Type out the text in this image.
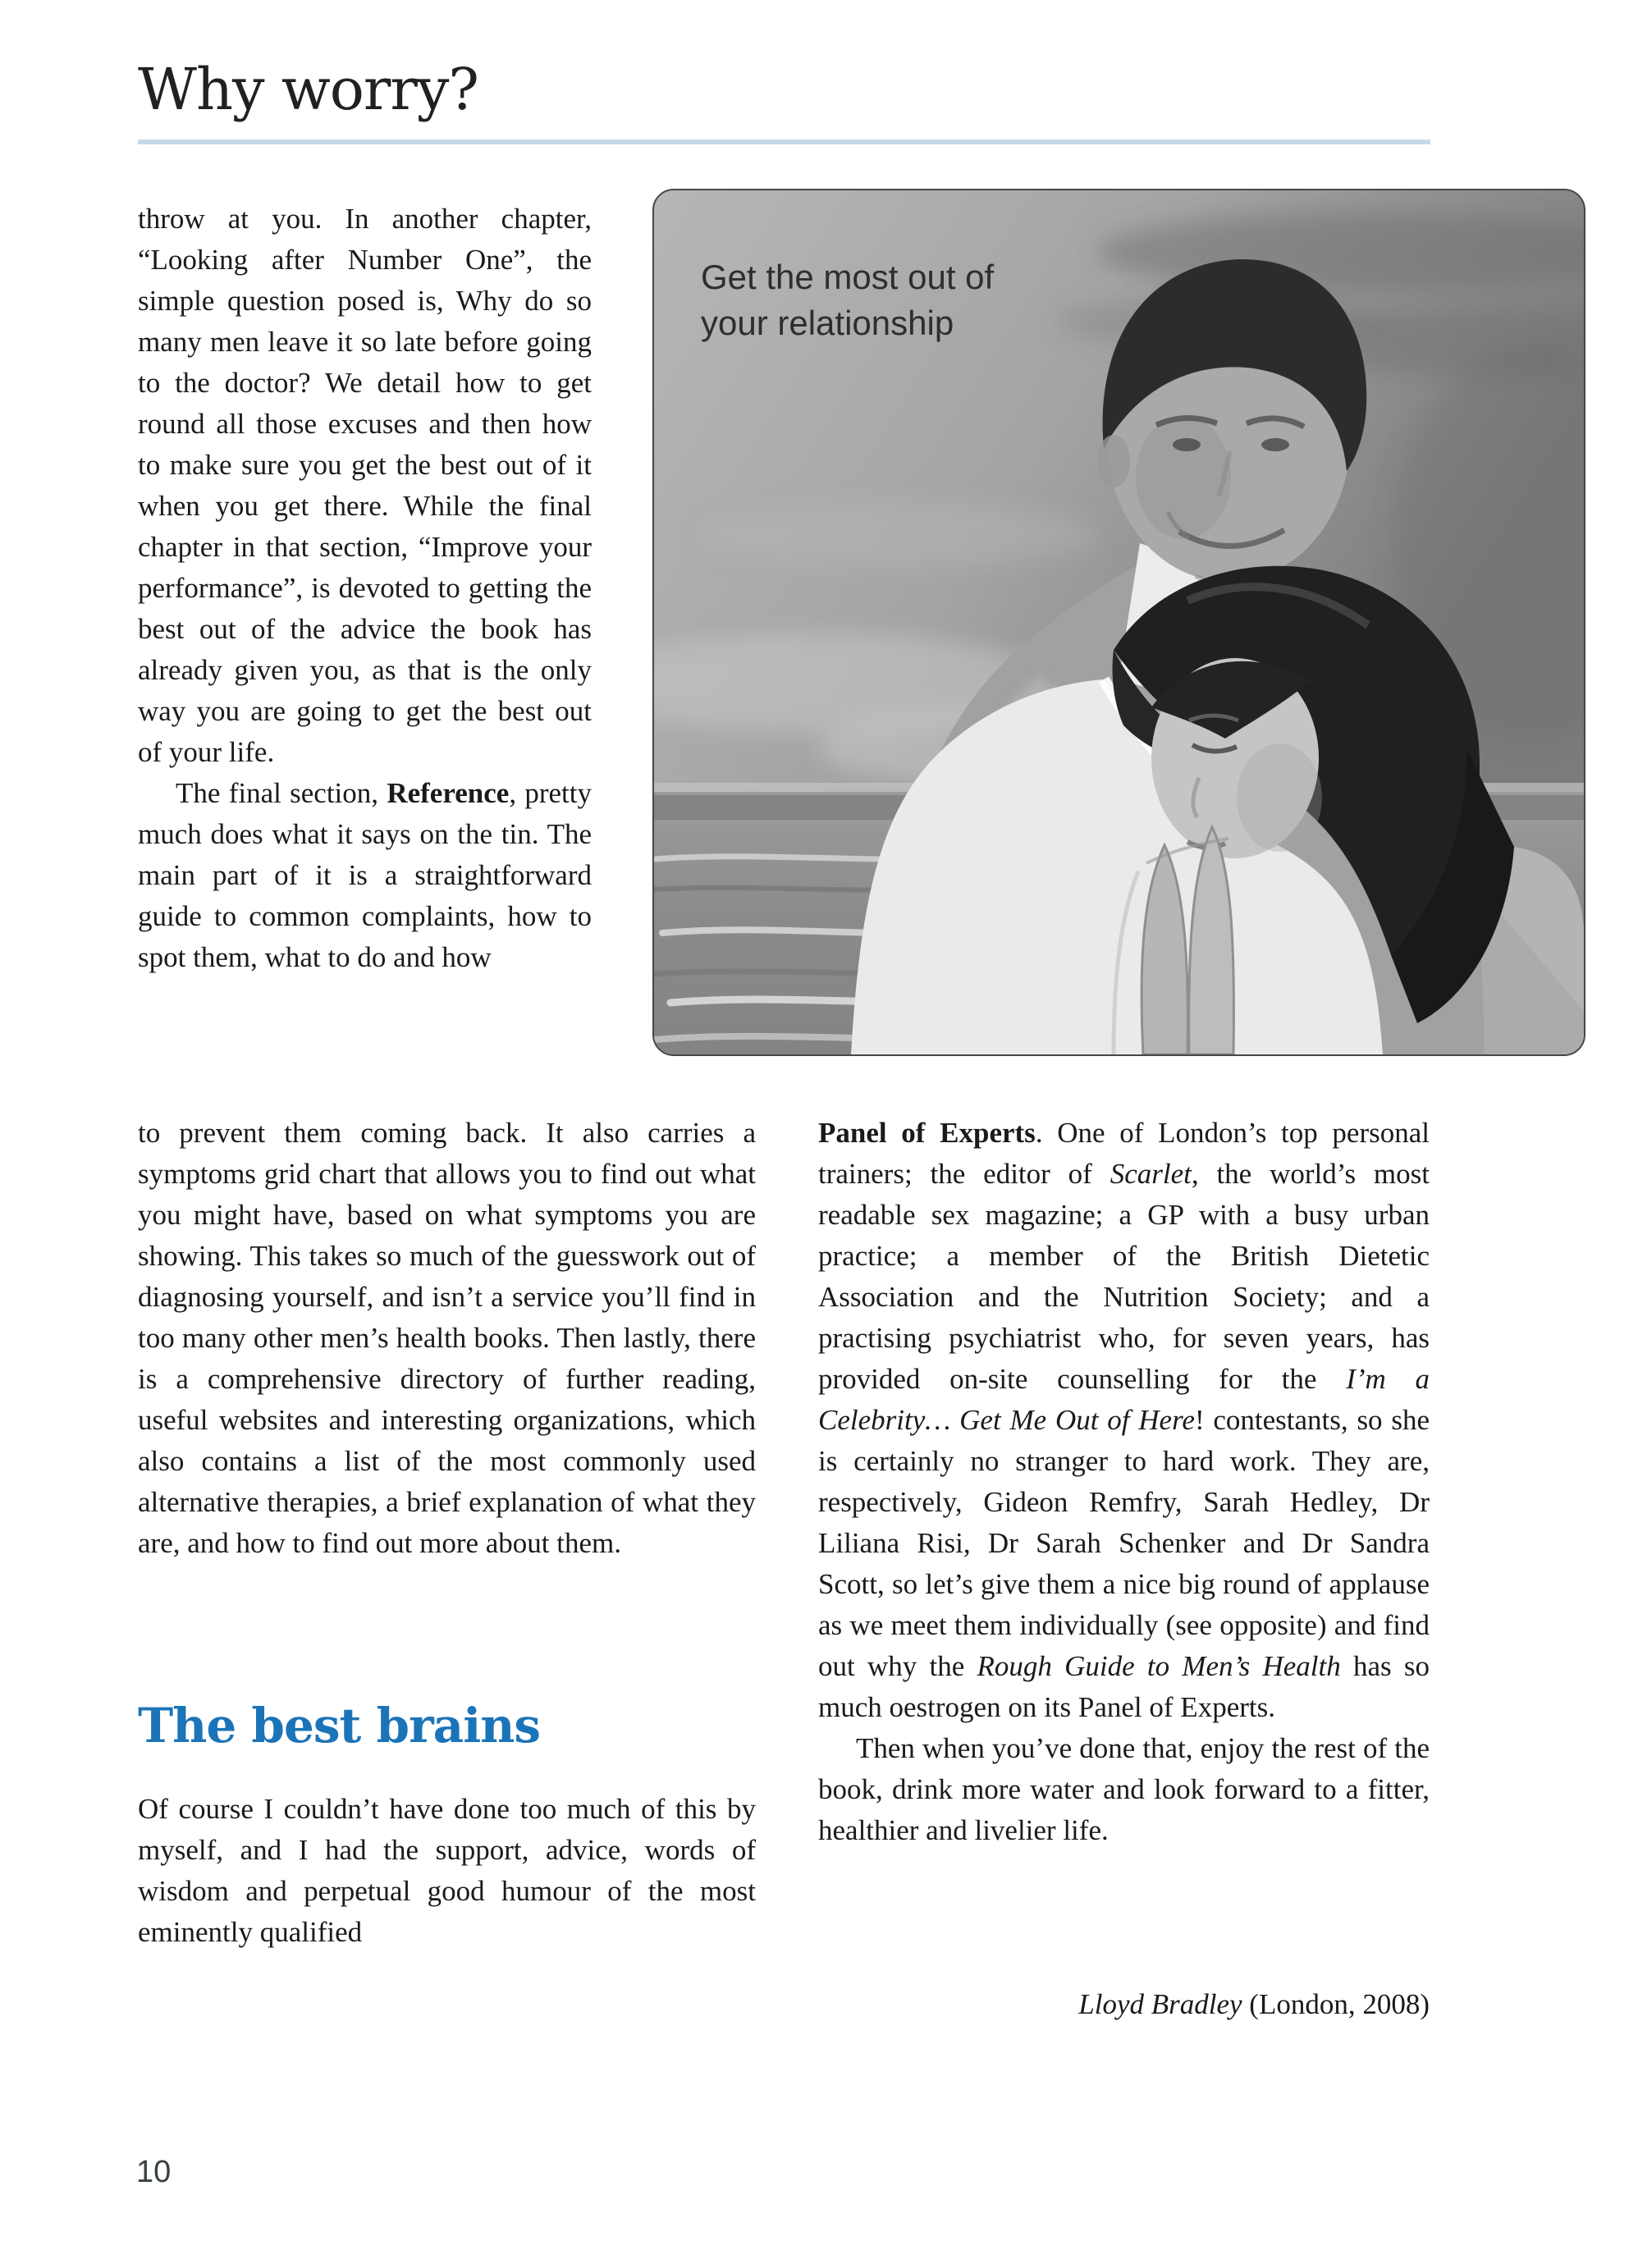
Why worry?

throw at you. In another chapter, “Looking after Number One”, the simple question posed is, Why do so many men leave it so late before going to the doctor? We detail how to get round all those excuses and then how to make sure you get the best out of it when you get there. While the final chapter in that section, “Improve your performance”, is devoted to getting the best out of the advice the book has already given you, as that is the only way you are going to get the best out of your life.

The final section, Reference, pretty much does what it says on the tin. The main part of it is a straightforward guide to common complaints, how to spot them, what to do and how

Get the most out of
your relationship

to prevent them coming back. It also carries a symptoms grid chart that allows you to find out what you might have, based on what symptoms you are showing. This takes so much of the guesswork out of diagnosing yourself, and isn’t a service you’ll find in too many other men’s health books. Then lastly, there is a comprehensive directory of further reading, useful websites and interesting organizations, which also contains a list of the most commonly used alternative therapies, a brief explanation of what they are, and how to find out more about them.

The best brains

Of course I couldn’t have done too much of this by myself, and I had the support, advice, words of wisdom and perpetual good humour of the most eminently qualified

Panel of Experts. One of London’s top personal trainers; the editor of Scarlet, the world’s most readable sex magazine; a GP with a busy urban practice; a member of the British Dietetic Association and the Nutrition Society; and a practising psychiatrist who, for seven years, has provided on-site counselling for the I’m a Celebrity… Get Me Out of Here! contestants, so she is certainly no stranger to hard work. They are, respectively, Gideon Remfry, Sarah Hedley, Dr Liliana Risi, Dr Sarah Schenker and Dr Sandra Scott, so let’s give them a nice big round of applause as we meet them individually (see opposite) and find out why the Rough Guide to Men’s Health has so much oestrogen on its Panel of Experts.

Then when you’ve done that, enjoy the rest of the book, drink more water and look forward to a fitter, healthier and livelier life.

Lloyd Bradley (London, 2008)
10
